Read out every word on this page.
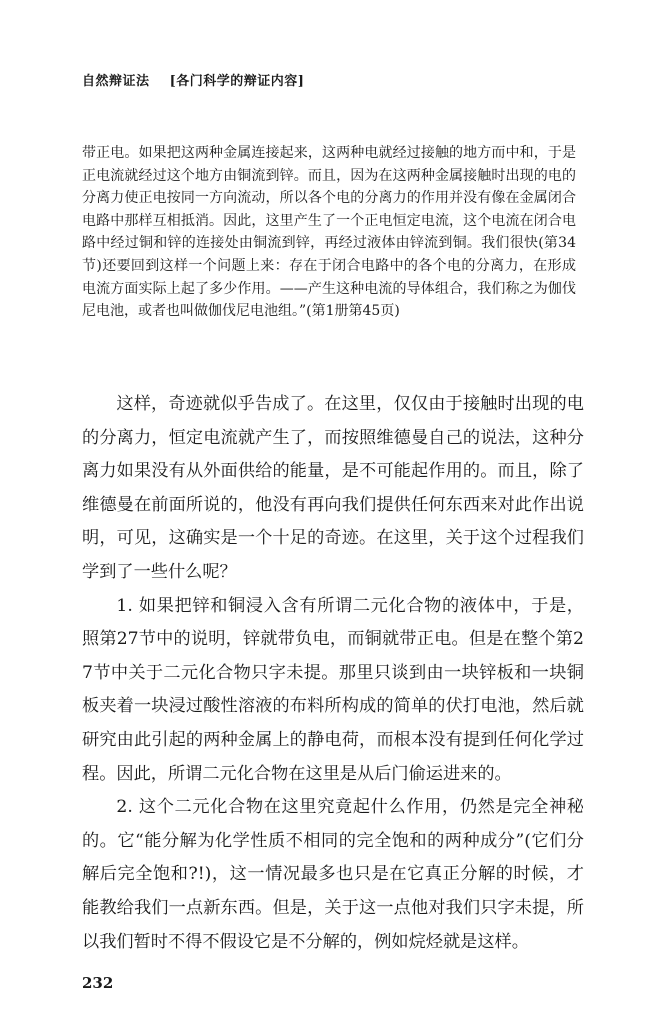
自然辩证法 [各门科学的辩证内容]
带正电。如果把这两种金属连接起来，这两种电就经过接触的地方而中和，于是正电流就经过这个地方由铜流到锌。而且，因为在这两种金属接触时出现的电的分离力使正电按同一方向流动，所以各个电的分离力的作用并没有像在金属闭合电路中那样互相抵消。因此，这里产生了一个正电恒定电流，这个电流在闭合电路中经过铜和锌的连接处由铜流到锌，再经过液体由锌流到铜。我们很快(第34节)还要回到这样一个问题上来：存在于闭合电路中的各个电的分离力，在形成电流方面实际上起了多少作用。——产生这种电流的导体组合，我们称之为伽伐尼电池，或者也叫做伽伐尼电池组。”(第1册第45页)

这样，奇迹就似乎告成了。在这里，仅仅由于接触时出现的电的分离力，恒定电流就产生了，而按照维德曼自己的说法，这种分离力如果没有从外面供给的能量，是不可能起作用的。而且，除了维德曼在前面所说的，他没有再向我们提供任何东西来对此作出说明，可见，这确实是一个十足的奇迹。在这里，关于这个过程我们学到了一些什么呢？

1. 如果把锌和铜浸入含有所谓二元化合物的液体中，于是，照第27节中的说明，锌就带负电，而铜就带正电。但是在整个第27节中关于二元化合物只字未提。那里只谈到由一块锌板和一块铜板夹着一块浸过酸性溶液的布料所构成的简单的伏打电池，然后就研究由此引起的两种金属上的静电荷，而根本没有提到任何化学过程。因此，所谓二元化合物在这里是从后门偷运进来的。

2. 这个二元化合物在这里究竟起什么作用，仍然是完全神秘的。它“能分解为化学性质不相同的完全饱和的两种成分”(它们分解后完全饱和?!)，这一情况最多也只是在它真正分解的时候，才能教给我们一点新东西。但是，关于这一点他对我们只字未提，所以我们暂时不得不假设它是不分解的，例如烷烃就是这样。

232
